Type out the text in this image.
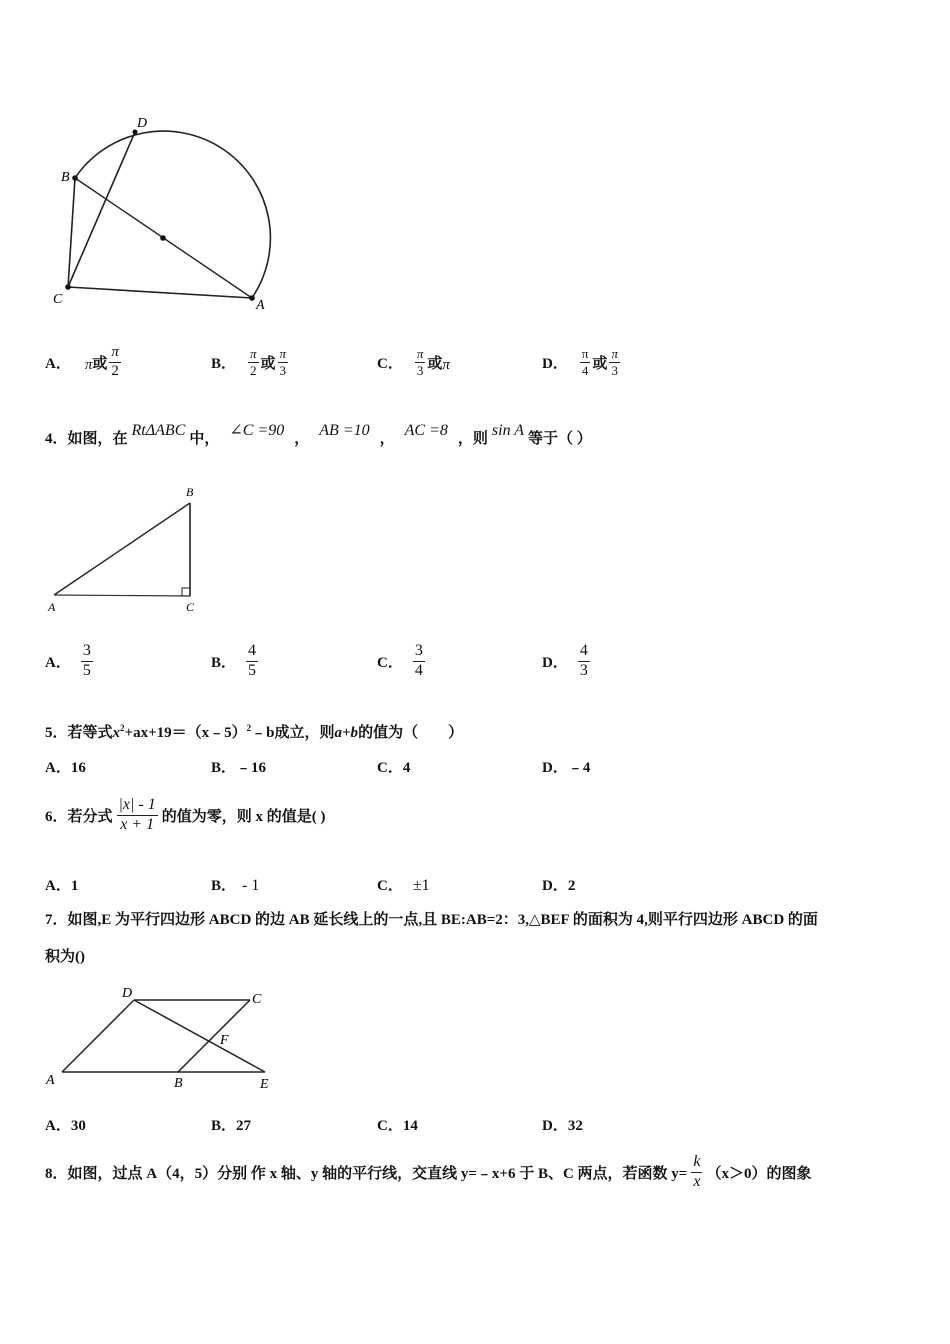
D
B
C	A
A． π 或 $\frac{\pi}{2}$	B． $\frac{\pi}{2}$ 或 $\frac{\pi}{3}$	C． $\frac{\pi}{3}$ 或 π	D． $\frac{\pi}{4}$ 或 $\frac{\pi}{3}$
4． 如图，在 RtΔABC 中， ∠C =90 ， AB =10 ， AC =8 ，则 sin A 等于（ ）
B
A	C
A． $\frac{3}{5}$	B． $\frac{4}{5}$	C． $\frac{3}{4}$	D． $\frac{4}{3}$
5．若等式$x^2+ax+19=(x﹣5)^2﹣b$成立，则a+b的值为（　　）
A．16	B．﹣16	C．4	D．﹣4
6． 若分式 $\frac{|x| - 1}{x + 1}$ 的值为零，则 x 的值是( )
A．1	B． - 1	C． ±1	D．2
7．如图,E 为平行四边形 ABCD 的边 AB 延长线上的一点,且 BE:AB=2：3,△BEF 的面积为 4,则平行四边形 ABCD 的面
积为()
D	C
F
A	B	E
A．30	B．27	C．14	D．32
8． 如图，过点 A（4，5）分别 作 x 轴、y 轴的平行线，交直线 y=﹣x+6 于 B、C 两点，若函数 $y= \frac{k}{x} (x>0)$的图象
